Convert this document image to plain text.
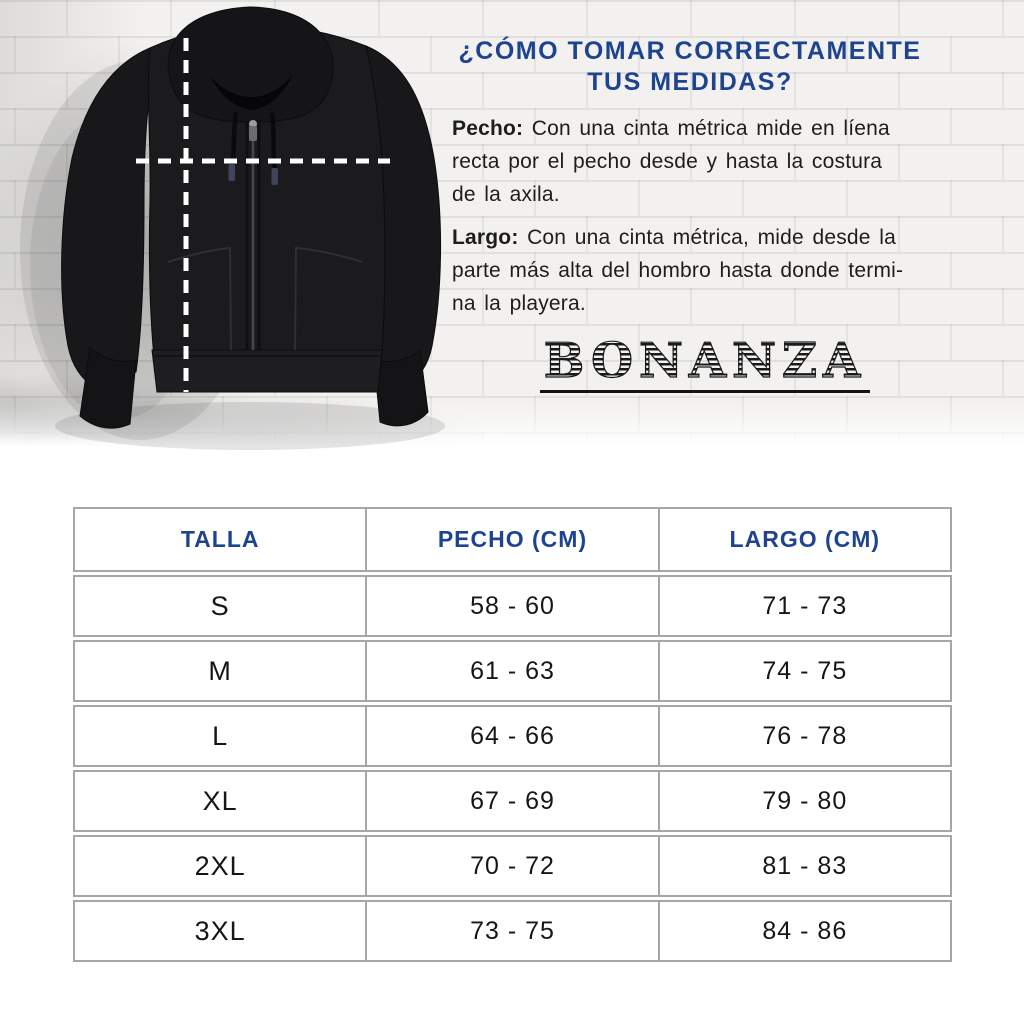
¿CÓMO TOMAR CORRECTAMENTE
TUS MEDIDAS?
Pecho: Con una cinta métrica mide en líena
recta por el pecho desde y hasta la costura
de la axila.
Largo: Con una cinta métrica, mide desde la
parte más alta del hombro hasta donde termi-
na la playera.
BONANZA
TALLA	PECHO (CM)	LARGO (CM)
S	58 - 60	71 - 73
M	61 - 63	74 - 75
L	64 - 66	76 - 78
XL	67 - 69	79 - 80
2XL	70 - 72	81 - 83
3XL	73 - 75	84 - 86
